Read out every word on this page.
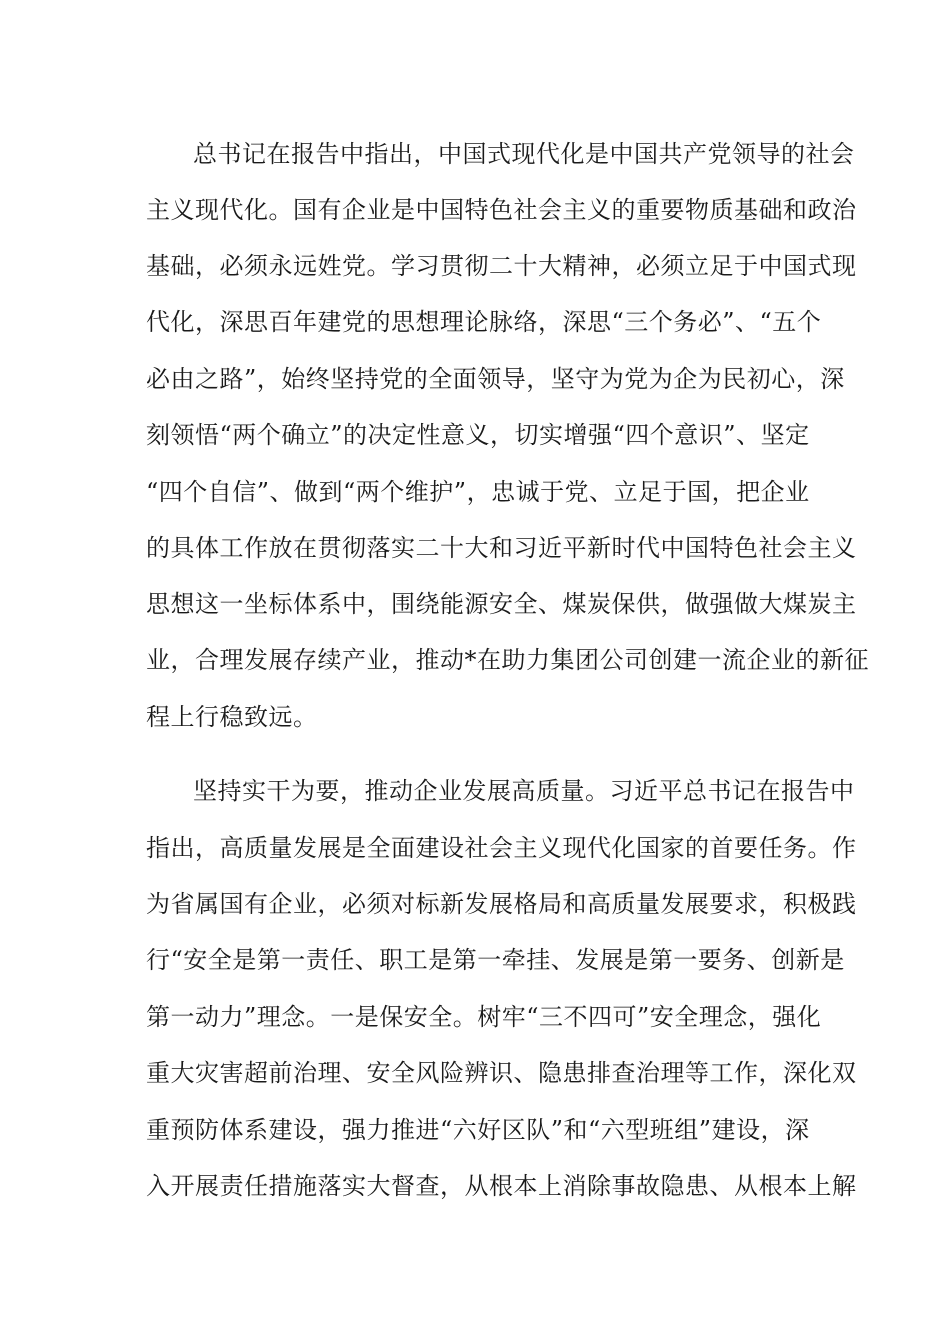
总书记在报告中指出，中国式现代化是中国共产党领导的社会
主义现代化。国有企业是中国特色社会主义的重要物质基础和政治
基础，必须永远姓党。学习贯彻二十大精神，必须立足于中国式现
代化，深思百年建党的思想理论脉络，深思“三个务必”、“五个
必由之路”，始终坚持党的全面领导，坚守为党为企为民初心，深
刻领悟“两个确立”的决定性意义，切实增强“四个意识”、坚定
“四个自信”、做到“两个维护”，忠诚于党、立足于国，把企业
的具体工作放在贯彻落实二十大和习近平新时代中国特色社会主义
思想这一坐标体系中，围绕能源安全、煤炭保供，做强做大煤炭主
业，合理发展存续产业，推动*在助力集团公司创建一流企业的新征
程上行稳致远。
坚持实干为要，推动企业发展高质量。习近平总书记在报告中
指出，高质量发展是全面建设社会主义现代化国家的首要任务。作
为省属国有企业，必须对标新发展格局和高质量发展要求，积极践
行“安全是第一责任、职工是第一牵挂、发展是第一要务、创新是
第一动力”理念。一是保安全。树牢“三不四可”安全理念，强化
重大灾害超前治理、安全风险辨识、隐患排查治理等工作，深化双
重预防体系建设，强力推进“六好区队”和“六型班组”建设，深
入开展责任措施落实大督查，从根本上消除事故隐患、从根本上解
